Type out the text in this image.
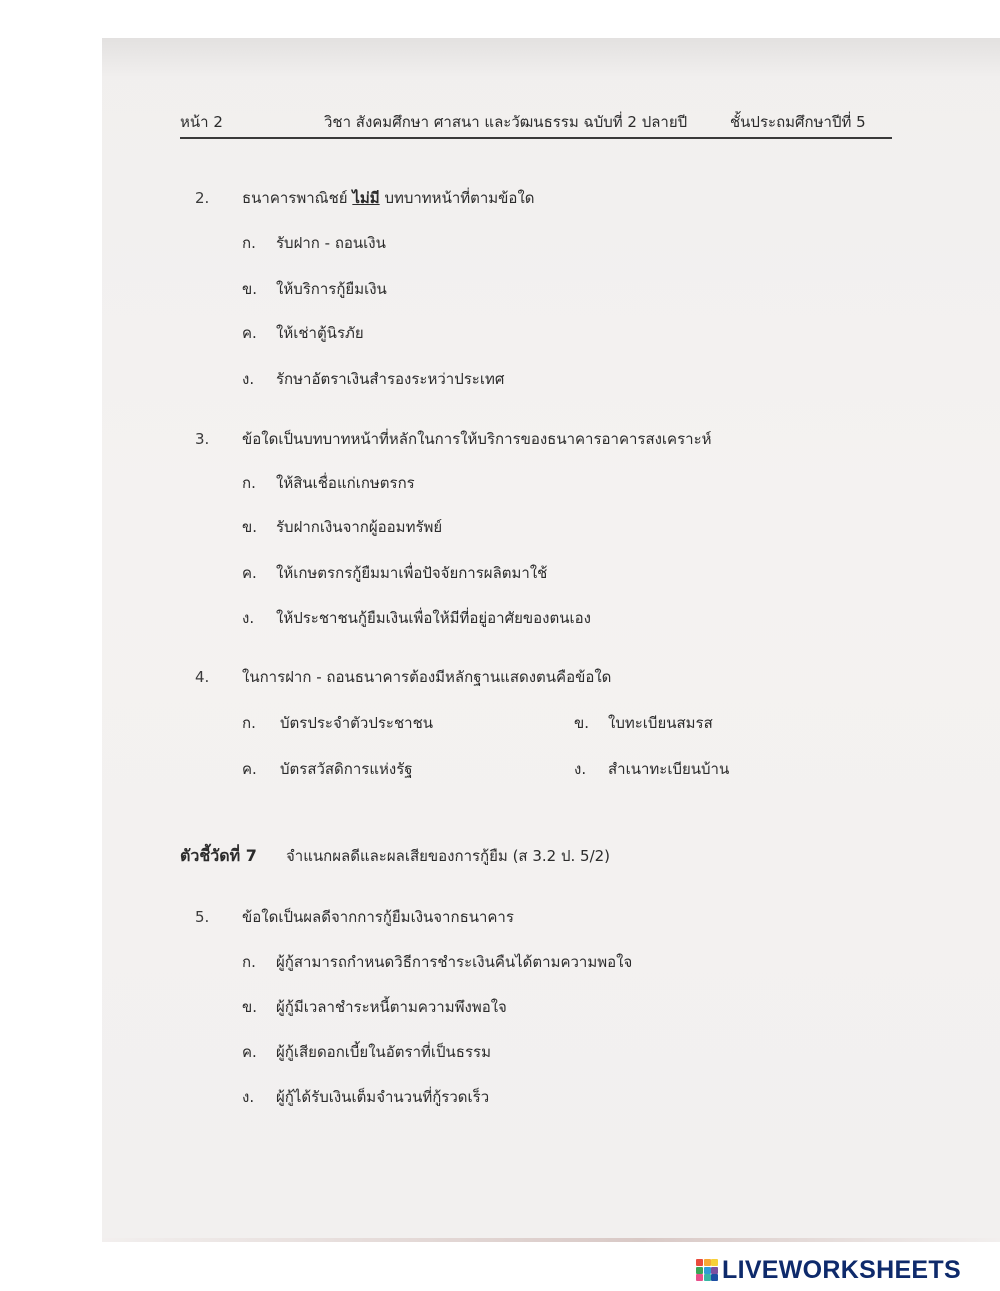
หน้า 2	วิชา สังคมศึกษา ศาสนา และวัฒนธรรม ฉบับที่ 2 ปลายปี	ชั้นประถมศึกษาปีที่ 5
2. ธนาคารพาณิชย์ ไม่มี บทบาทหน้าที่ตามข้อใด
ก. รับฝาก - ถอนเงิน
ข. ให้บริการกู้ยืมเงิน
ค. ให้เช่าตู้นิรภัย
ง. รักษาอัตราเงินสำรองระหว่าประเทศ
3. ข้อใดเป็นบทบาทหน้าที่หลักในการให้บริการของธนาคารอาคารสงเคราะห์
ก. ให้สินเชื่อแก่เกษตรกร
ข. รับฝากเงินจากผู้ออมทรัพย์
ค. ให้เกษตรกรกู้ยืมมาเพื่อปัจจัยการผลิตมาใช้
ง. ให้ประชาชนกู้ยืมเงินเพื่อให้มีที่อยู่อาศัยของตนเอง
4. ในการฝาก - ถอนธนาคารต้องมีหลักฐานแสดงตนคือข้อใด
ก. บัตรประจำตัวประชาชน	ข. ใบทะเบียนสมรส
ค. บัตรสวัสดิการแห่งรัฐ	ง. สำเนาทะเบียนบ้าน
ตัวชี้วัดที่ 7 จำแนกผลดีและผลเสียของการกู้ยืม (ส 3.2 ป. 5/2)
5. ข้อใดเป็นผลดีจากการกู้ยืมเงินจากธนาคาร
ก. ผู้กู้สามารถกำหนดวิธีการชำระเงินคืนได้ตามความพอใจ
ข. ผู้กู้มีเวลาชำระหนี้ตามความพึงพอใจ
ค. ผู้กู้เสียดอกเบี้ยในอัตราที่เป็นธรรม
ง. ผู้กู้ได้รับเงินเต็มจำนวนที่กู้รวดเร็ว
LIVEWORKSHEETS
